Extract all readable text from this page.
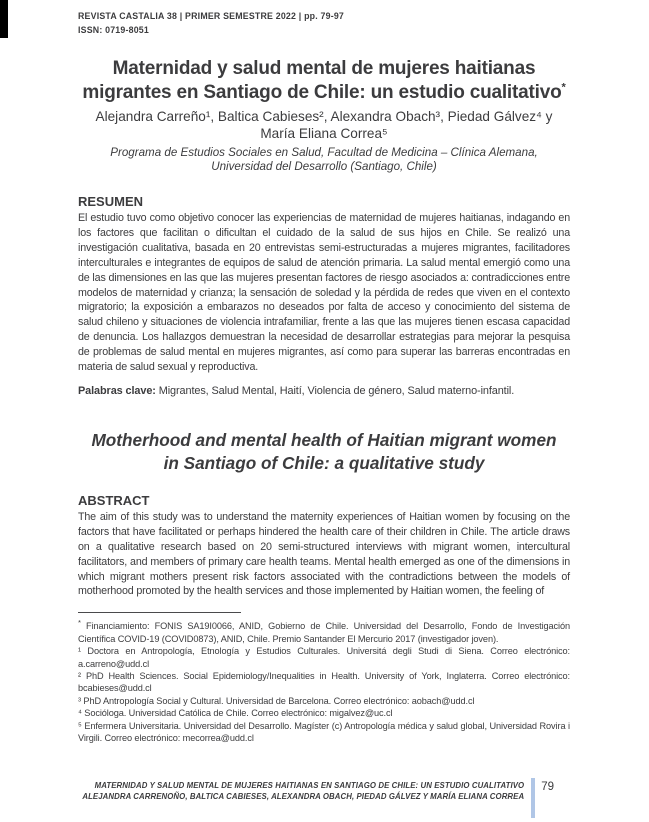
REVISTA CASTALIA 38 | PRIMER SEMESTRE 2022 | pp. 79-97
ISSN: 0719-8051
Maternidad y salud mental de mujeres haitianas
migrantes en Santiago de Chile: un estudio cualitativo*
Alejandra Carreño¹, Baltica Cabieses², Alexandra Obach³, Piedad Gálvez⁴ y
María Eliana Correa⁵
Programa de Estudios Sociales en Salud, Facultad de Medicina – Clínica Alemana,
Universidad del Desarrollo (Santiago, Chile)
RESUMEN
El estudio tuvo como objetivo conocer las experiencias de maternidad de mujeres haitianas, indagando en los factores que facilitan o dificultan el cuidado de la salud de sus hijos en Chile. Se realizó una investigación cualitativa, basada en 20 entrevistas semi-estructuradas a mujeres migrantes, facilitadores interculturales e integrantes de equipos de salud de atención primaria. La salud mental emergió como una de las dimensiones en las que las mujeres presentan factores de riesgo asociados a: contradicciones entre modelos de maternidad y crianza; la sensación de soledad y la pérdida de redes que viven en el contexto migratorio; la exposición a embarazos no deseados por falta de acceso y conocimiento del sistema de salud chileno y situaciones de violencia intrafamiliar, frente a las que las mujeres tienen escasa capacidad de denuncia. Los hallazgos demuestran la necesidad de desarrollar estrategias para mejorar la pesquisa de problemas de salud mental en mujeres migrantes, así como para superar las barreras encontradas en materia de salud sexual y reproductiva.
Palabras clave: Migrantes, Salud Mental, Haití, Violencia de género, Salud materno-infantil.
Motherhood and mental health of Haitian migrant women
in Santiago of Chile: a qualitative study
ABSTRACT
The aim of this study was to understand the maternity experiences of Haitian women by focusing on the factors that have facilitated or perhaps hindered the health care of their children in Chile. The article draws on a qualitative research based on 20 semi-structured interviews with migrant women, intercultural facilitators, and members of primary care health teams. Mental health emerged as one of the dimensions in which migrant mothers present risk factors associated with the contradictions between the models of motherhood promoted by the health services and those implemented by Haitian women, the feeling of
* Financiamiento: FONIS SA19I0066, ANID, Gobierno de Chile. Universidad del Desarrollo, Fondo de Investigación Científica COVID-19 (COVID0873), ANID, Chile. Premio Santander El Mercurio 2017 (investigador joven).
¹ Doctora en Antropología, Etnología y Estudios Culturales. Universitá degli Studi di Siena. Correo electrónico: a.carreno@udd.cl
² PhD Health Sciences. Social Epidemiology/Inequalities in Health. University of York, Inglaterra. Correo electrónico: bcabieses@udd.cl
³ PhD Antropología Social y Cultural. Universidad de Barcelona. Correo electrónico: aobach@udd.cl
⁴ Socióloga. Universidad Católica de Chile. Correo electrónico: migalvez@uc.cl
⁵ Enfermera Universitaria. Universidad del Desarrollo. Magíster (c) Antropología médica y salud global, Universidad Rovira i Virgili. Correo electrónico: mecorrea@udd.cl
MATERNIDAD Y SALUD MENTAL DE MUJERES HAITIANAS EN SANTIAGO DE CHILE: UN ESTUDIO CUALITATIVO
ALEJANDRA CARRENOÑO, BALTICA CABIESES, ALEXANDRA OBACH, PIEDAD GÁLVEZ Y MARÍA ELIANA CORREA
79
